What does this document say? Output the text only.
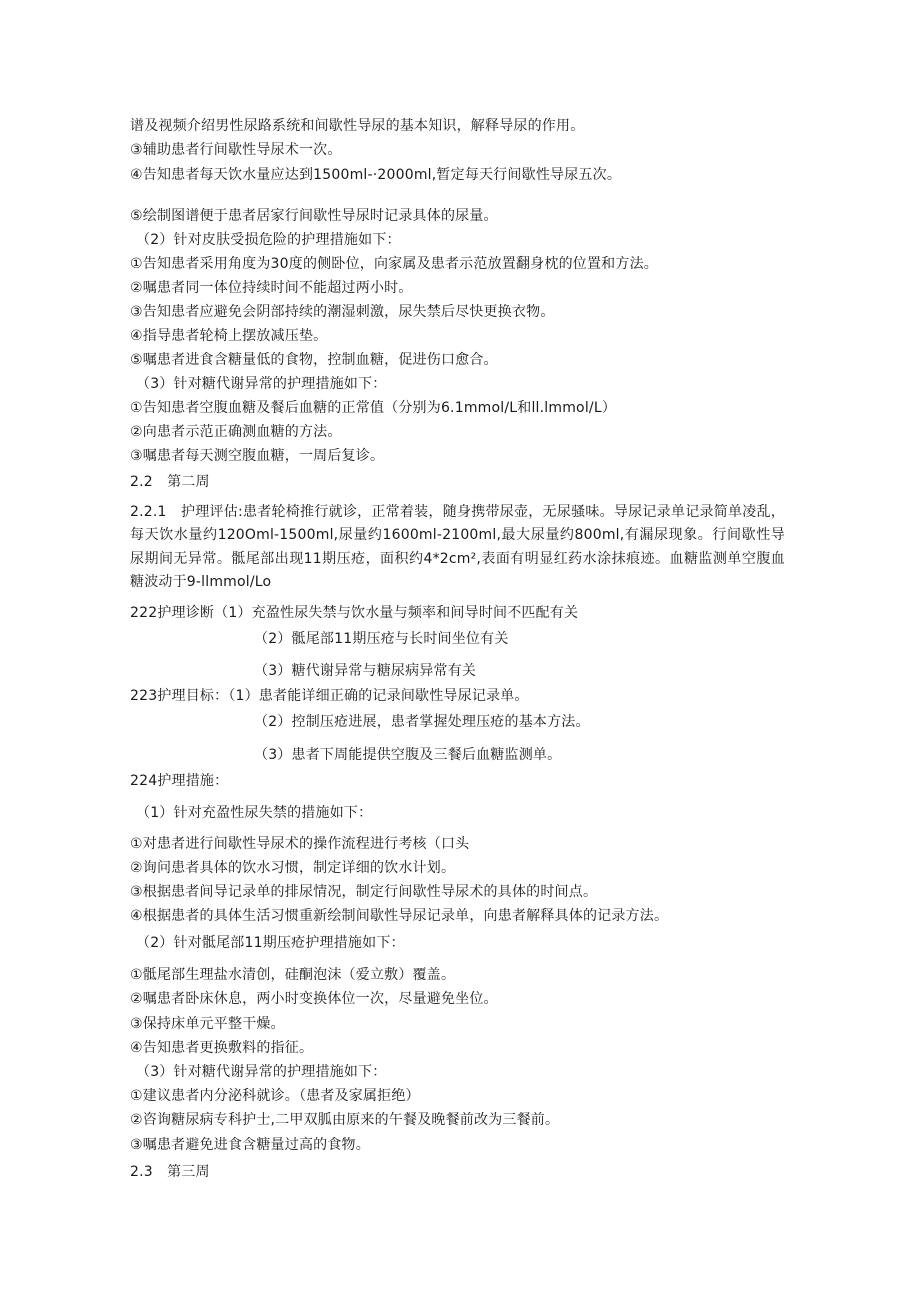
谱及视频介绍男性尿路系统和间歇性导尿的基本知识，解释导尿的作用。
③辅助患者行间歇性导尿术一次。
④告知患者每天饮水量应达到1500ml-·2000ml,暂定每天行间歇性导尿五次。
⑤绘制图谱便于患者居家行间歇性导尿时记录具体的尿量。
（2）针对皮肤受损危险的护理措施如下：
①告知患者采用角度为30度的侧卧位，向家属及患者示范放置翻身枕的位置和方法。
②嘱患者同一体位持续时间不能超过两小时。
③告知患者应避免会阴部持续的潮湿刺激，尿失禁后尽快更换衣物。
④指导患者轮椅上摆放减压垫。
⑤嘱患者进食含糖量低的食物，控制血糖，促进伤口愈合。
（3）针对糖代谢异常的护理措施如下：
①告知患者空腹血糖及餐后血糖的正常值（分别为6.1mmol∕L和ll.lmmol/L）
②向患者示范正确测血糖的方法。
③嘱患者每天测空腹血糖，一周后复诊。
2.2　第二周
2.2.1　护理评估:患者轮椅推行就诊，正常着装，随身携带尿壶，无尿骚味。导尿记录单记录简单凌乱，每天饮水量约120Oml-1500ml,尿量约1600ml-2100ml,最大尿量约800ml,有漏尿现象。行间歇性导尿期间无异常。骶尾部出现11期压疮，面积约4*2cm²,表面有明显红药水涂抹痕迹。血糖监测单空腹血糖波动于9-llmmol/Lo
222护理诊断（1）充盈性尿失禁与饮水量与频率和间导时间不匹配有关
（2）骶尾部11期压疮与长时间坐位有关
（3）糖代谢异常与糖尿病异常有关
223护理目标：（1）患者能详细正确的记录间歇性导尿记录单。
（2）控制压疮进展，患者掌握处理压疮的基本方法。
（3）患者下周能提供空腹及三餐后血糖监测单。
224护理措施：
（1）针对充盈性尿失禁的措施如下：
①对患者进行间歇性导尿术的操作流程进行考核（口头
②询问患者具体的饮水习惯，制定详细的饮水计划。
③根据患者间导记录单的排尿情况，制定行间歇性导尿术的具体的时间点。
④根据患者的具体生活习惯重新绘制间歇性导尿记录单，向患者解释具体的记录方法。
（2）针对骶尾部11期压疮护理措施如下：
①骶尾部生理盐水清创，硅酮泡沫（爱立敷）覆盖。
②嘱患者卧床休息，两小时变换体位一次，尽量避免坐位。
③保持床单元平整干燥。
④告知患者更换敷料的指征。
（3）针对糖代谢异常的护理措施如下：
①建议患者内分泌科就诊。（患者及家属拒绝）
②咨询糖尿病专科护士,二甲双胍由原来的午餐及晚餐前改为三餐前。
③嘱患者避免进食含糖量过高的食物。
2.3　第三周
